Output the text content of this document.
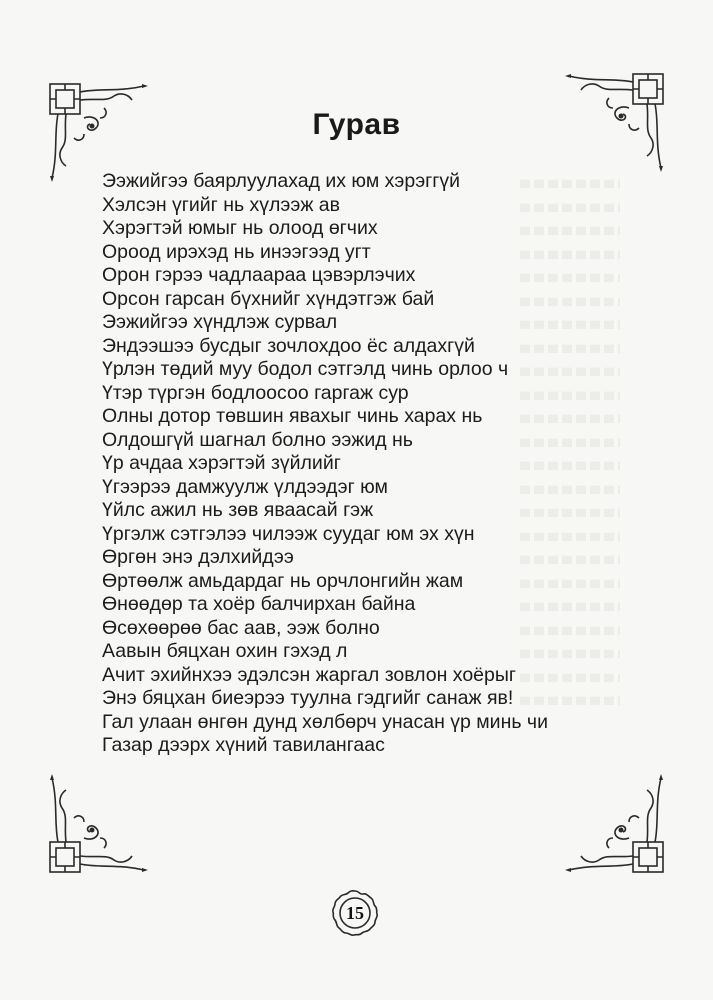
Гурав
Ээжийгээ баярлуулахад их юм хэрэггүй
Хэлсэн үгийг нь хүлээж ав
Хэрэгтэй юмыг нь олоод өгчих
Ороод ирэхэд нь инээгээд угт
Орон гэрээ чадлаараа цэвэрлэчих
Орсон гарсан бүхнийг хүндэтгэж бай
Ээжийгээ хүндлэж сурвал
Эндээшээ бусдыг зочлохдоо ёс алдахгүй
Үрлэн төдий муу бодол сэтгэлд чинь орлоо ч
Үтэр түргэн бодлоосоо гаргаж сур
Олны дотор төвшин явахыг чинь харах нь
Олдошгүй шагнал болно ээжид нь
Үр ачдаа хэрэгтэй зүйлийг
Үгээрээ дамжуулж үлдээдэг юм
Үйлс ажил нь зөв яваасай гэж
Үргэлж сэтгэлээ чилээж суудаг юм эх хүн
Өргөн энэ дэлхийдээ
Өртөөлж амьдардаг нь орчлонгийн жам
Өнөөдөр та хоёр балчирхан байна
Өсөхөөрөө бас аав, ээж болно
Аавын бяцхан охин гэхэд л
Ачит эхийнхээ эдэлсэн жаргал зовлон хоёрыг
Энэ бяцхан биеэрээ туулна гэдгийг санаж яв!
Гал улаан өнгөн дунд хөлбөрч унасан үр минь чи
Газар дээрх хүний тавилангаас
15
